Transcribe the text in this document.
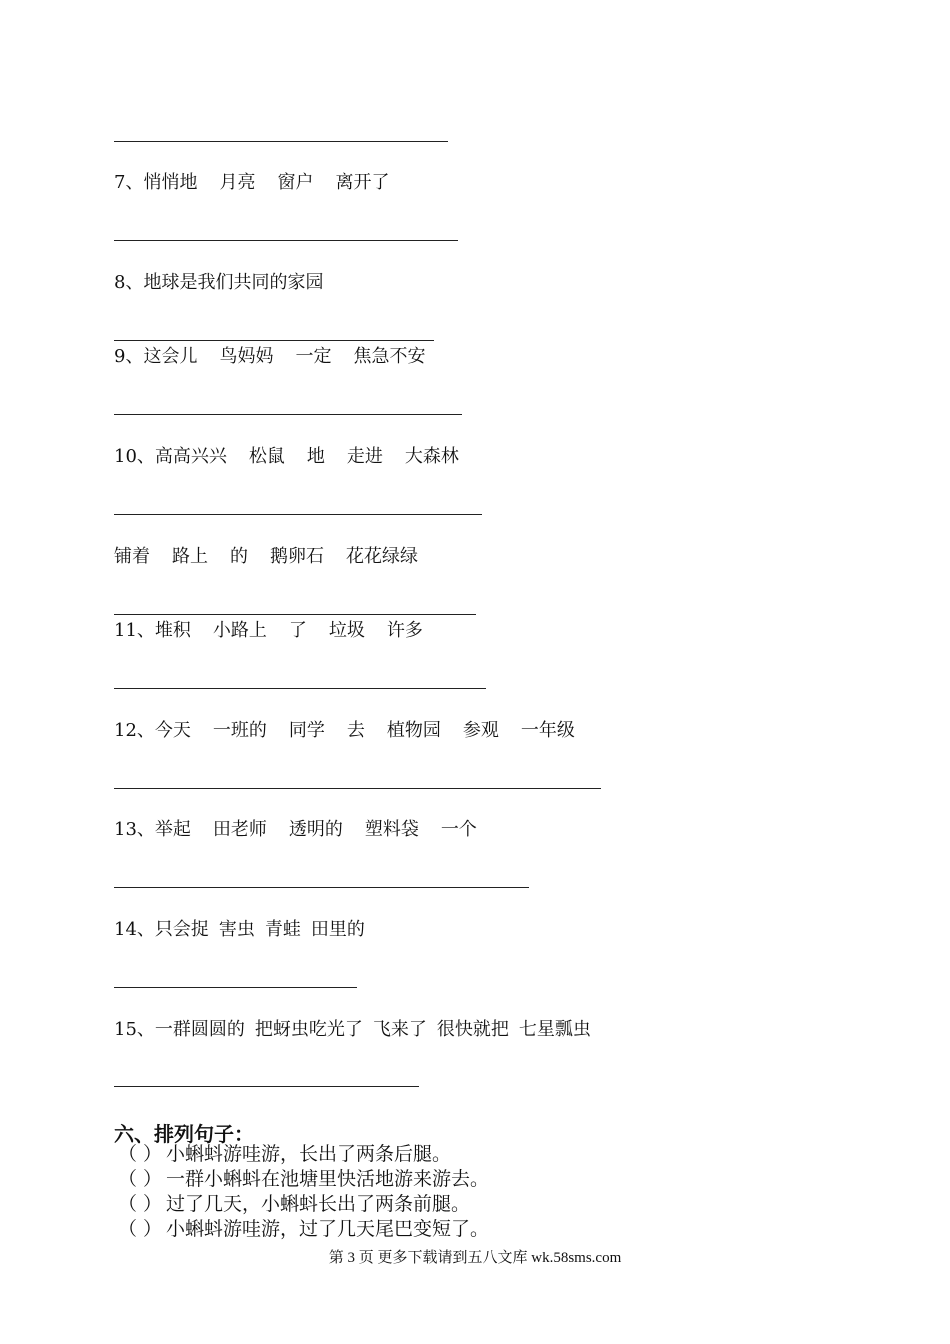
7、悄悄地 月亮 窗户 离开了
8、地球是我们共同的家园
9、这会儿 鸟妈妈 一定 焦急不安
10、高高兴兴 松鼠 地 走进 大森林
铺着 路上 的 鹅卵石 花花绿绿
11、堆积 小路上 了 垃圾 许多
12、今天 一班的 同学 去 植物园 参观 一年级
13、举起 田老师 透明的 塑料袋 一个
14、只会捉 害虫 青蛙 田里的
15、一群圆圆的 把蚜虫吃光了 飞来了 很快就把 七星瓢虫
六、排列句子：
（ ） 小蝌蚪游哇游，长出了两条后腿。
（ ） 一群小蝌蚪在池塘里快活地游来游去。
（ ） 过了几天，小蝌蚪长出了两条前腿。
（ ） 小蝌蚪游哇游，过了几天尾巴变短了。
第 3 页 更多下载请到五八文库 wk.58sms.com
